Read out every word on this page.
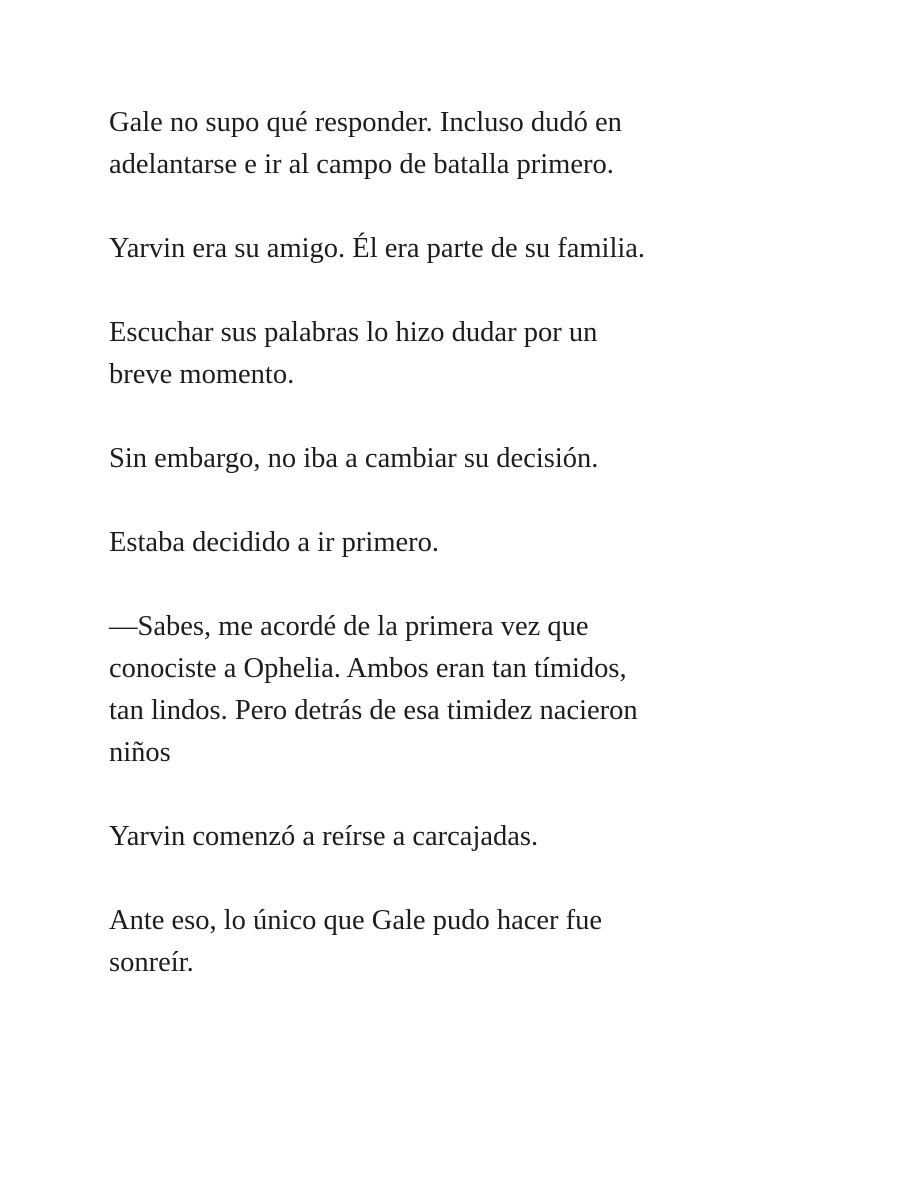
Gale no supo qué responder. Incluso dudó en
adelantarse e ir al campo de batalla primero.

Yarvin era su amigo. Él era parte de su familia.

Escuchar sus palabras lo hizo dudar por un
breve momento.

Sin embargo, no iba a cambiar su decisión.

Estaba decidido a ir primero.

—Sabes, me acordé de la primera vez que
conociste a Ophelia. Ambos eran tan tímidos,
tan lindos. Pero detrás de esa timidez nacieron
niños

Yarvin comenzó a reírse a carcajadas.

Ante eso, lo único que Gale pudo hacer fue
sonreír.
